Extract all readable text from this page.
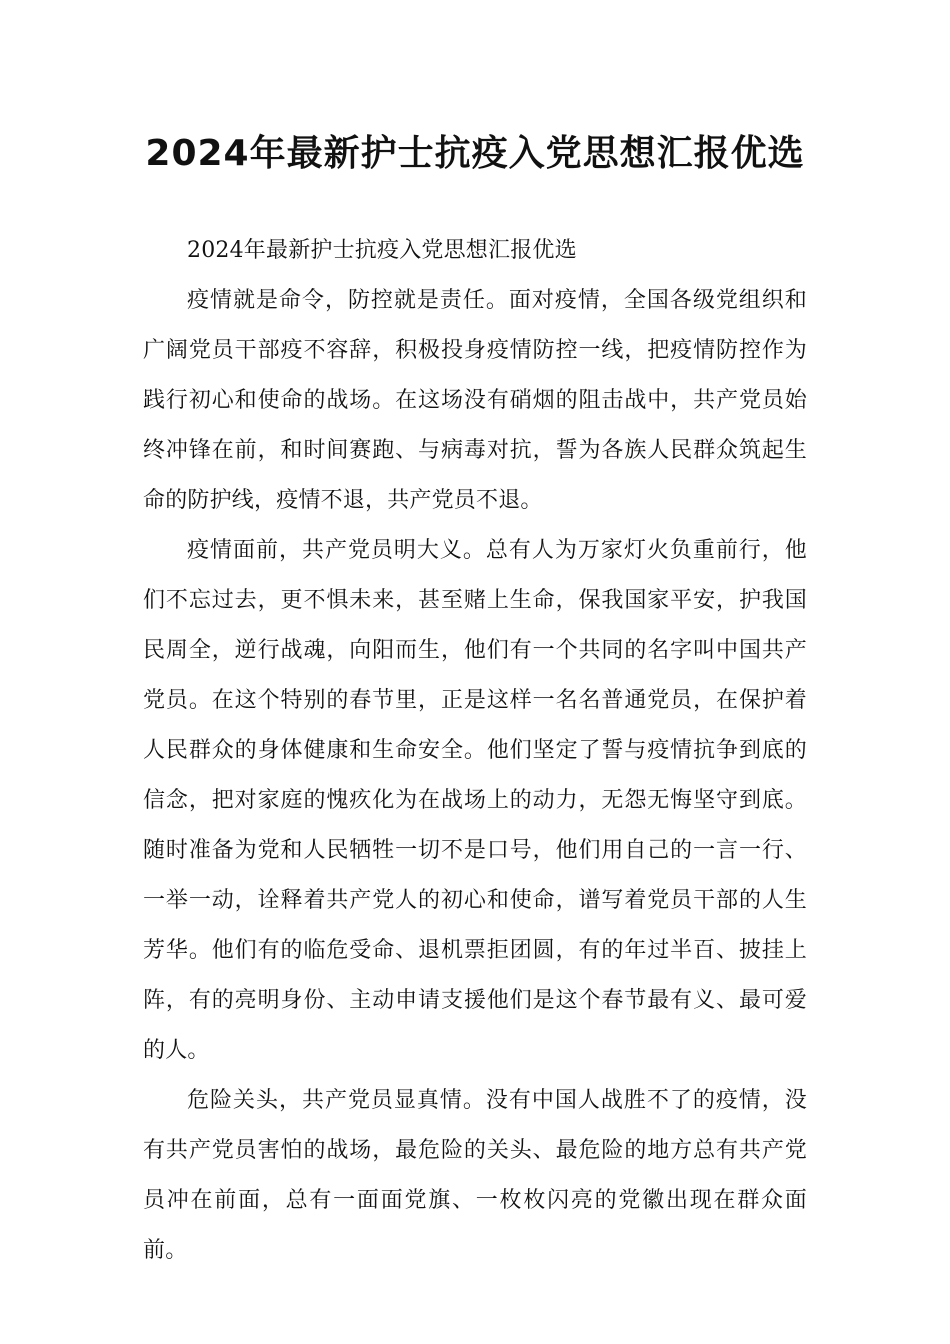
2024年最新护士抗疫入党思想汇报优选

2024年最新护士抗疫入党思想汇报优选

疫情就是命令，防控就是责任。面对疫情，全国各级党组织和广阔党员干部疫不容辞，积极投身疫情防控一线，把疫情防控作为践行初心和使命的战场。在这场没有硝烟的阻击战中，共产党员始终冲锋在前，和时间赛跑、与病毒对抗，誓为各族人民群众筑起生命的防护线，疫情不退，共产党员不退。

疫情面前，共产党员明大义。总有人为万家灯火负重前行，他们不忘过去，更不惧未来，甚至赌上生命，保我国家平安，护我国民周全，逆行战魂，向阳而生，他们有一个共同的名字叫中国共产党员。在这个特别的春节里，正是这样一名名普通党员，在保护着人民群众的身体健康和生命安全。他们坚定了誓与疫情抗争到底的信念，把对家庭的愧疚化为在战场上的动力，无怨无悔坚守到底。随时准备为党和人民牺牲一切不是口号，他们用自己的一言一行、一举一动，诠释着共产党人的初心和使命，谱写着党员干部的人生芳华。他们有的临危受命、退机票拒团圆，有的年过半百、披挂上阵，有的亮明身份、主动申请支援他们是这个春节最有义、最可爱的人。

危险关头，共产党员显真情。没有中国人战胜不了的疫情，没有共产党员害怕的战场，最危险的关头、最危险的地方总有共产党员冲在前面，总有一面面党旗、一枚枚闪亮的党徽出现在群众面前。
